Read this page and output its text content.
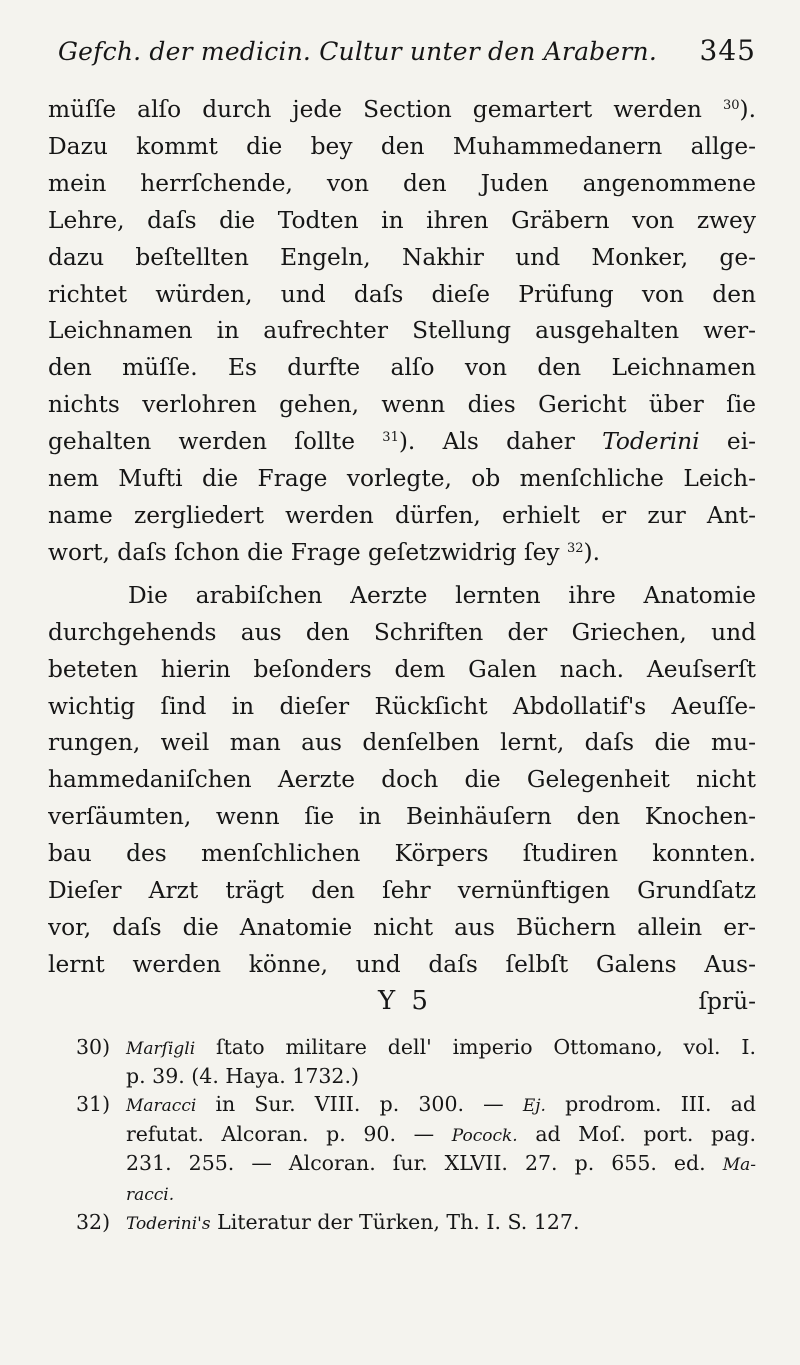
Gefch. der medicin. Cultur unter den Arabern. 345
müſſe alſo durch jede Section gemartert werden $^{30}$).
Dazu kommt die bey den Muhammedanern allge-
mein herrſchende, von den Juden angenommene
Lehre, daſs die Todten in ihren Gräbern von zwey
dazu beſtellten Engeln, Nakhir und Monker, ge-
richtet würden, und daſs dieſe Prüfung von den
Leichnamen in aufrechter Stellung ausgehalten wer-
den müſſe. Es durfte alſo von den Leichnamen
nichts verlohren gehen, wenn dies Gericht über ſie
gehalten werden ſollte $^{31}$). Als daher Toderini ei-
nem Mufti die Frage vorlegte, ob menſchliche Leich-
name zergliedert werden dürfen, erhielt er zur Ant-
wort, daſs ſchon die Frage geſetzwidrig ſey $^{32}$).
Die arabiſchen Aerzte lernten ihre Anatomie
durchgehends aus den Schriften der Griechen, und
beteten hierin beſonders dem Galen nach. Aeuſserſt
wichtig ſind in dieſer Rückſicht Abdollatif's Aeuſſe-
rungen, weil man aus denſelben lernt, daſs die mu-
hammedaniſchen Aerzte doch die Gelegenheit nicht
verſäumten, wenn ſie in Beinhäuſern den Knochen-
bau des menſchlichen Körpers ſtudiren konnten.
Dieſer Arzt trägt den ſehr vernünftigen Grundſatz
vor, daſs die Anatomie nicht aus Büchern allein er-
lernt werden könne, und daſs ſelbſt Galens Aus-
Y 5	ſprü-
30) Marſigli ſtato militare dell' imperio Ottomano, vol. I.
p. 39. (4. Haya. 1732.)
31) Maracci in Sur. VIII. p. 300. — Ej. prodrom. III. ad
refutat. Alcoran. p. 90. — Pocock. ad Moſ. port. pag.
231. 255. — Alcoran. ſur. XLVII. 27. p. 655. ed. Ma-
racci.
32) Toderini's Literatur der Türken, Th. I. S. 127.
